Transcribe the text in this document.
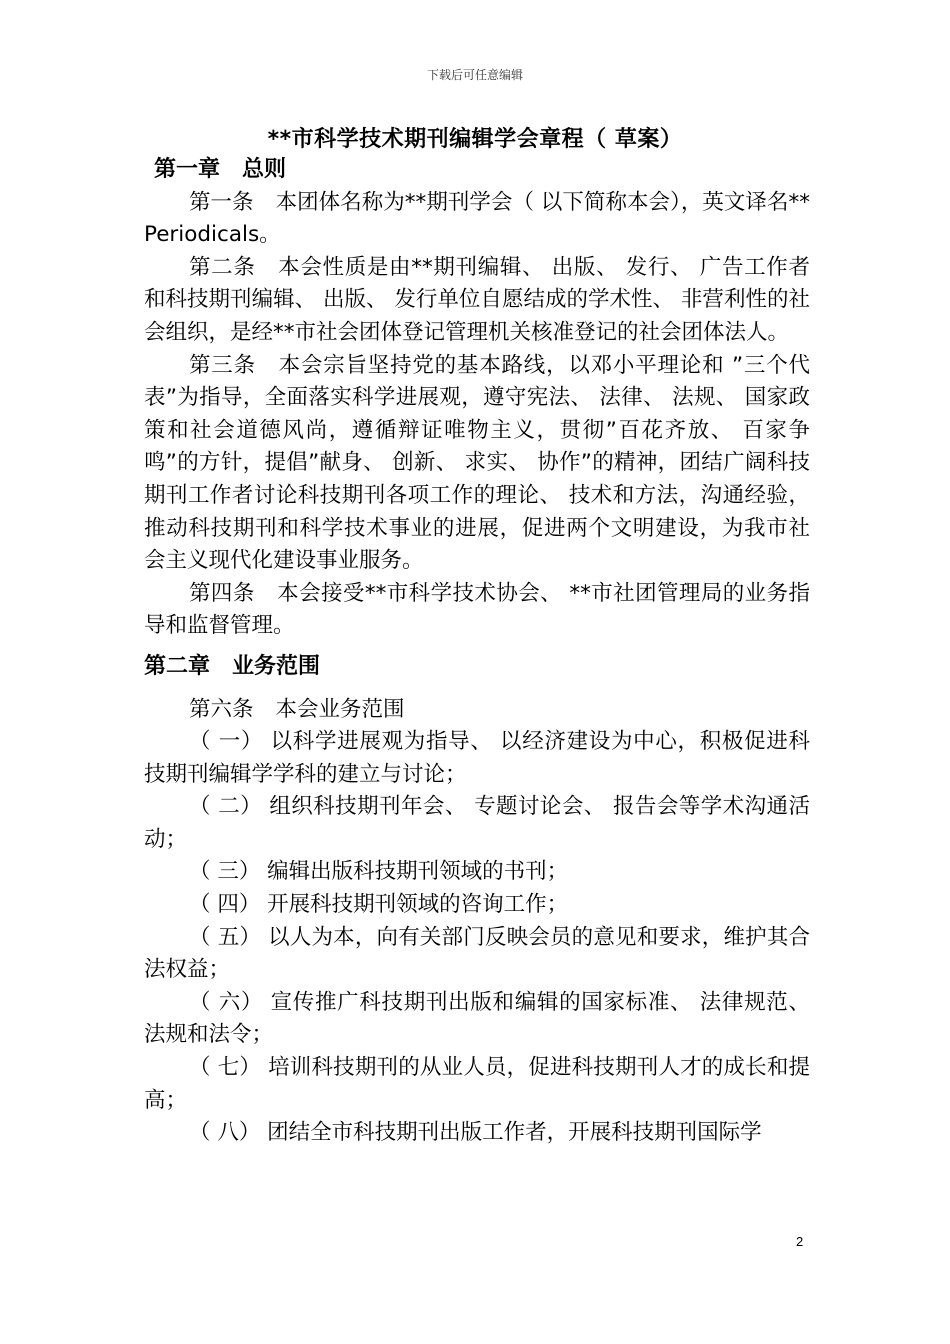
下载后可任意编辑
**市科学技术期刊编辑学会章程（ 草案）

第一章　总则

第一条 本团体名称为**期刊学会（ 以下简称本会），英文译名** Periodicals。

第二条 本会性质是由**期刊编辑、 出版、 发行、 广告工作者和科技期刊编辑、 出版、 发行单位自愿结成的学术性、 非营利性的社会组织，是经**市社会团体登记管理机关核准登记的社会团体法人。

第三条 本会宗旨坚持党的基本路线，以邓小平理论和 ”三个代表”为指导，全面落实科学进展观，遵守宪法、 法律、 法规、 国家政策和社会道德风尚，遵循辩证唯物主义，贯彻”百花齐放、 百家争鸣”的方针，提倡”献身、 创新、 求实、 协作”的精神，团结广阔科技期刊工作者讨论科技期刊各项工作的理论、 技术和方法，沟通经验，推动科技期刊和科学技术事业的进展，促进两个文明建设，为我市社会主义现代化建设事业服务。

第四条 本会接受**市科学技术协会、 **市社团管理局的业务指导和监督管理。

第二章　业务范围

第六条 本会业务范围

（ 一） 以科学进展观为指导、 以经济建设为中心，积极促进科技期刊编辑学学科的建立与讨论；

（ 二） 组织科技期刊年会、 专题讨论会、 报告会等学术沟通活动；

（ 三） 编辑出版科技期刊领域的书刊；

（ 四） 开展科技期刊领域的咨询工作；

（ 五） 以人为本，向有关部门反映会员的意见和要求，维护其合法权益；

（ 六） 宣传推广科技期刊出版和编辑的国家标准、 法律规范、法规和法令；

（ 七） 培训科技期刊的从业人员，促进科技期刊人才的成长和提高；

（ 八） 团结全市科技期刊出版工作者，开展科技期刊国际学

2
